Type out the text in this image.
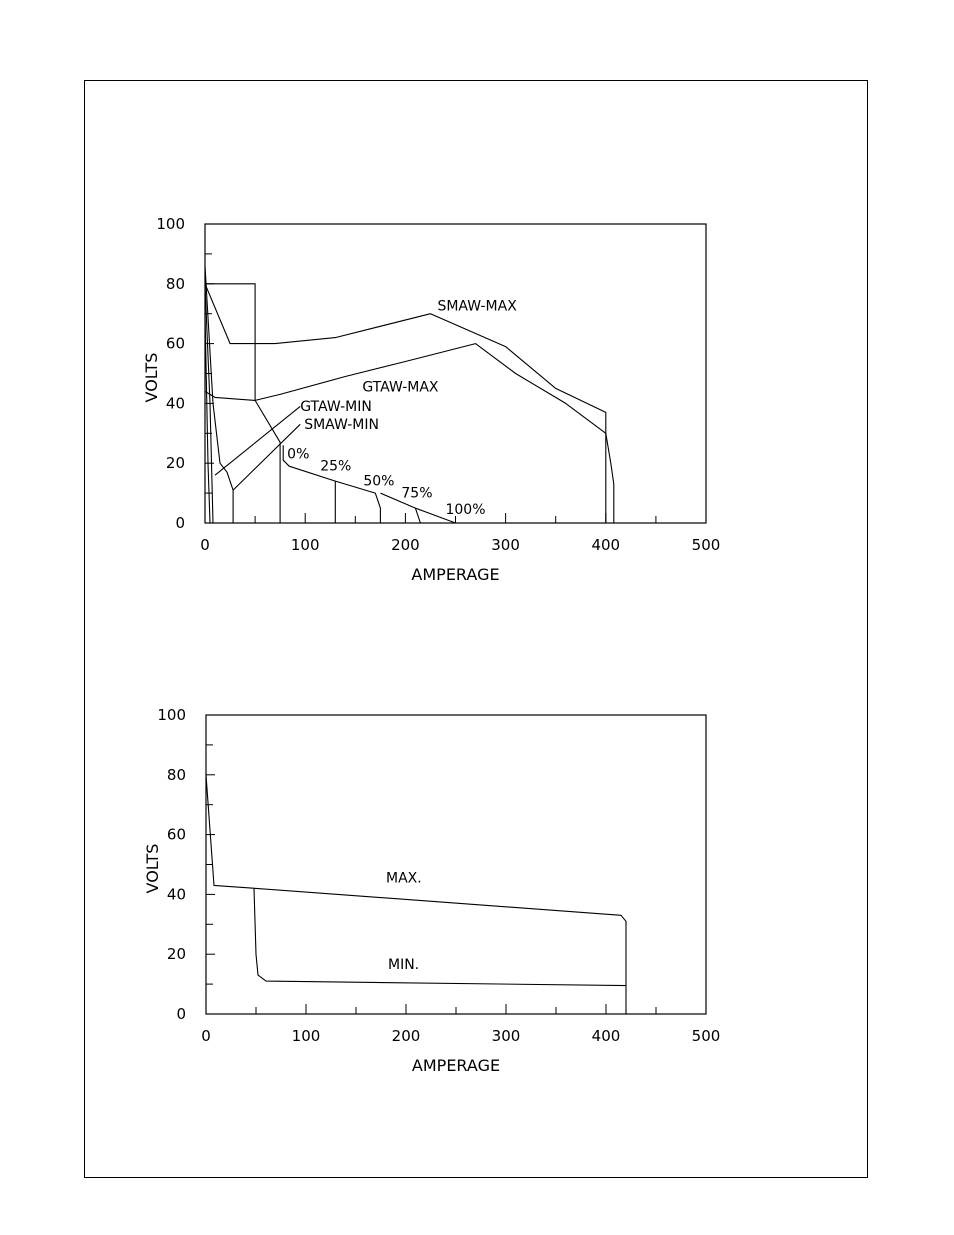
0	100	200	300	400	500
0
20
40
60
80
100
AMPERAGE
VOLTS
SMAW-MAX
GTAW-MAX
GTAW-MIN
SMAW-MIN
0%
25%
50%
75%
100%
0	100	200	300	400	500
0
20
40
60
80
100
AMPERAGE
VOLTS	MAX.
MIN.
